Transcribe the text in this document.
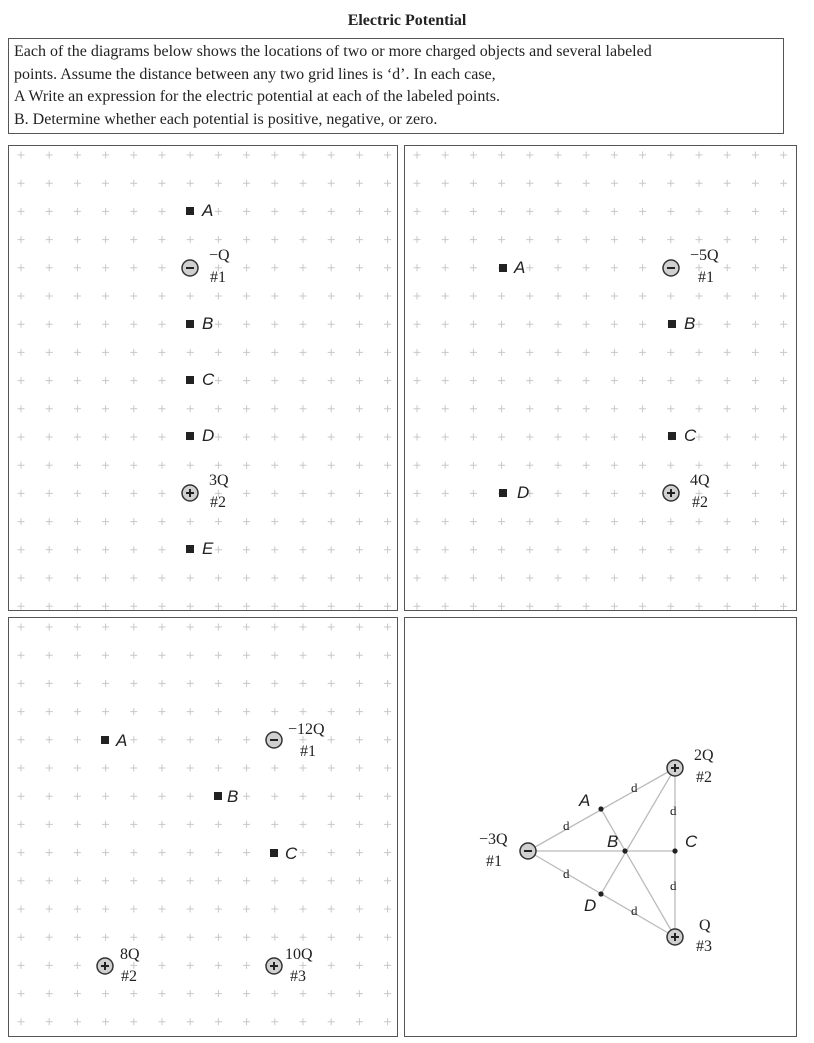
Electric Potential

Each of the diagrams below shows the locations of two or more charged objects and several labeled

points. Assume the distance between any two grid lines is ‘d’. In each case,

A Write an expression for the electric potential at each of the labeled points.

B. Determine whether each potential is positive, negative, or zero.

A
−Q
#1
B
C
D
3Q
#2
E
A
−5Q
#1
B
C
4Q
#2
D
A
−12Q
#1
B
C
8Q
#2
10Q
#3
d
d
d
d
d
d
A
B	C
D
−3Q
#1
2Q
#2
Q
#3
